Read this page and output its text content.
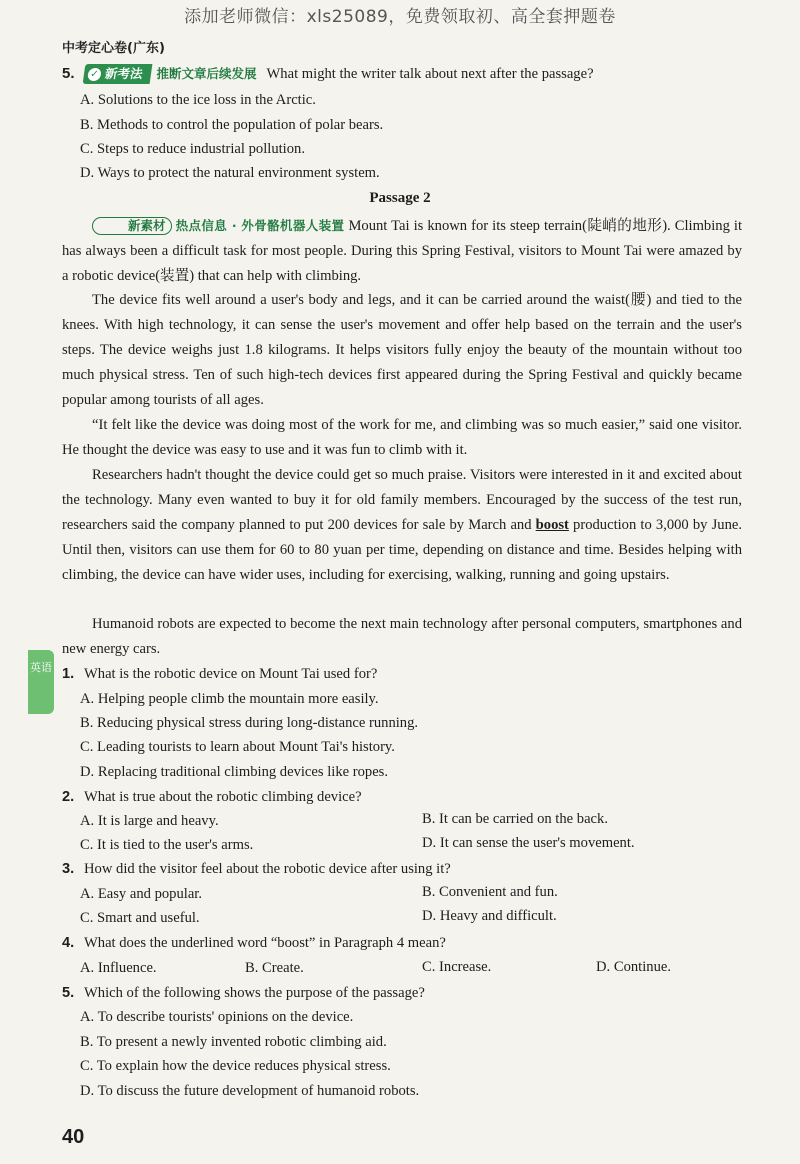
添加老师微信：xls25089，免费领取初、高全套押题卷
中考定心卷(广东)
5.	✓ 新考法 推断文章后续发展 What might the writer talk about next after the passage?
A. Solutions to the ice loss in the Arctic.
B. Methods to control the population of polar bears.
C. Steps to reduce industrial pollution.
D. Ways to protect the natural environment system.
Passage 2
新素材 热点信息 · 外骨骼机器人装置 Mount Tai is known for its steep terrain(陡峭的地形). Climbing it has always been a difficult task for most people. During this Spring Festival, visitors to Mount Tai were amazed by a robotic device(装置) that can help with climbing.
The device fits well around a user's body and legs, and it can be carried around the waist(腰) and tied to the knees. With high technology, it can sense the user's movement and offer help based on the terrain and the user's steps. The device weighs just 1.8 kilograms. It helps visitors fully enjoy the beauty of the mountain without too much physical stress. Ten of such high-tech devices first appeared during the Spring Festival and quickly became popular among tourists of all ages.
“It felt like the device was doing most of the work for me, and climbing was so much easier,” said one visitor. He thought the device was easy to use and it was fun to climb with it.
Researchers hadn't thought the device could get so much praise. Visitors were interested in it and excited about the technology. Many even wanted to buy it for old family members. Encouraged by the success of the test run, researchers said the company planned to put 200 devices for sale by March and boost production to 3,000 by June. Until then, visitors can use them for 60 to 80 yuan per time, depending on distance and time. Besides helping with climbing, the device can have wider uses, including for exercising, walking, running and going upstairs.
Humanoid robots are expected to become the next main technology after personal computers, smartphones and new energy cars.
英语 1. What is the robotic device on Mount Tai used for?
A. Helping people climb the mountain more easily.
B. Reducing physical stress during long-distance running.
C. Leading tourists to learn about Mount Tai's history.
D. Replacing traditional climbing devices like ropes.
2. What is true about the robotic climbing device?
A. It is large and heavy.	B. It can be carried on the back.
C. It is tied to the user's arms.	D. It can sense the user's movement.
3. How did the visitor feel about the robotic device after using it?
A. Easy and popular.	B. Convenient and fun.
C. Smart and useful.	D. Heavy and difficult.
4. What does the underlined word “boost” in Paragraph 4 mean?
A. Influence.	B. Create.	C. Increase.	D. Continue.
5. Which of the following shows the purpose of the passage?
A. To describe tourists' opinions on the device.
B. To present a newly invented robotic climbing aid.
C. To explain how the device reduces physical stress.
D. To discuss the future development of humanoid robots.
40
